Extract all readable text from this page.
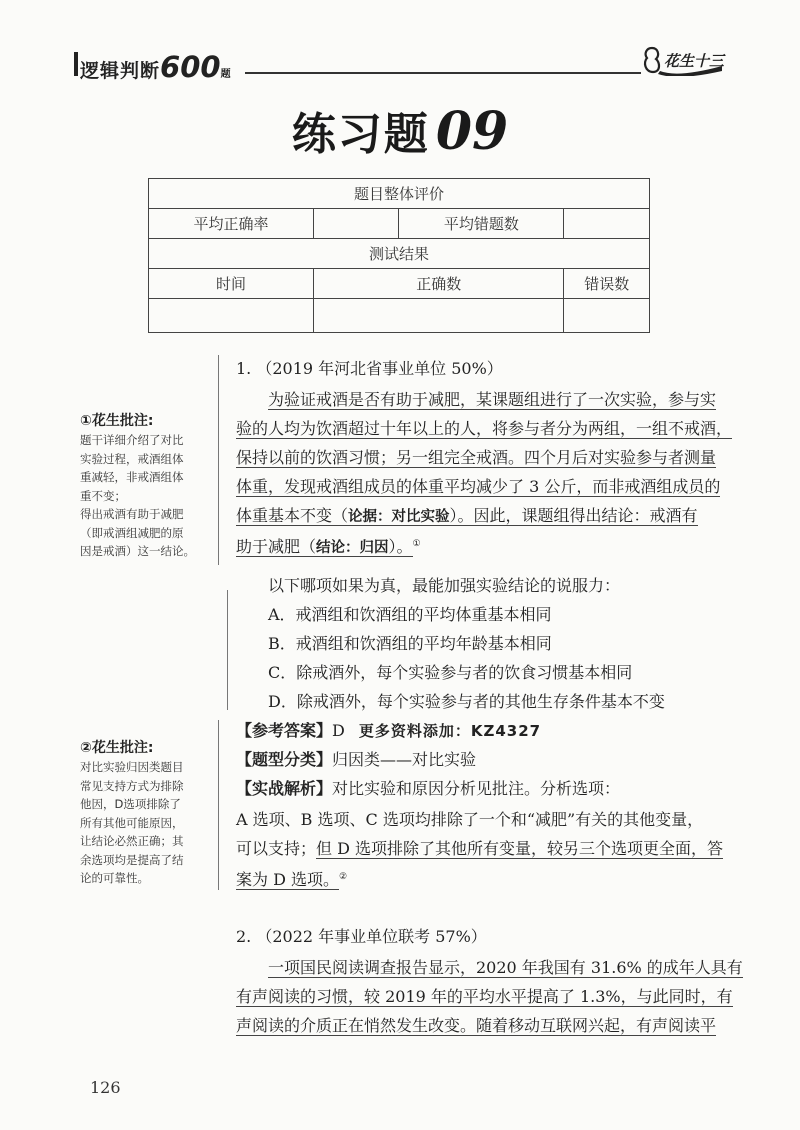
逻辑判断600题
花生十三
练习题 09
题目整体评价			
平均正确率		平均错题数	
测试结果			
时间	正确数		错误数

①花生批注:
题干详细介绍了对比
实验过程，戒酒组体
重减轻，非戒酒组体
重不变；
得出戒酒有助于减肥
（即戒酒组减肥的原
因是戒酒）这一结论。
②花生批注:
对比实验归因类题目
常见支持方式为排除
他因，D选项排除了
所有其他可能原因，
让结论必然正确；其
余选项均是提高了结
论的可靠性。
1. （2019 年河北省事业单位 50%）
为验证戒酒是否有助于减肥，某课题组进行了一次实验，参与实
验的人均为饮酒超过十年以上的人，将参与者分为两组，一组不戒酒，
保持以前的饮酒习惯；另一组完全戒酒。四个月后对实验参与者测量
体重，发现戒酒组成员的体重平均减少了 3 公斤，而非戒酒组成员的
体重基本不变（论据：对比实验）。因此，课题组得出结论：戒酒有
助于减肥（结论：归因）。①
以下哪项如果为真，最能加强实验结论的说服力：
A．戒酒组和饮酒组的平均体重基本相同
B．戒酒组和饮酒组的平均年龄基本相同
C．除戒酒外，每个实验参与者的饮食习惯基本相同
D．除戒酒外，每个实验参与者的其他生存条件基本不变
【参考答案】D 更多资料添加：KZ4327
【题型分类】归因类——对比实验
【实战解析】对比实验和原因分析见批注。分析选项：
A 选项、B 选项、C 选项均排除了一个和“减肥”有关的其他变量，
可以支持；但 D 选项排除了其他所有变量，较另三个选项更全面，答
案为 D 选项。②
2. （2022 年事业单位联考 57%）
一项国民阅读调查报告显示，2020 年我国有 31.6% 的成年人具有
有声阅读的习惯，较 2019 年的平均水平提高了 1.3%，与此同时，有
声阅读的介质正在悄然发生改变。随着移动互联网兴起，有声阅读平
126
